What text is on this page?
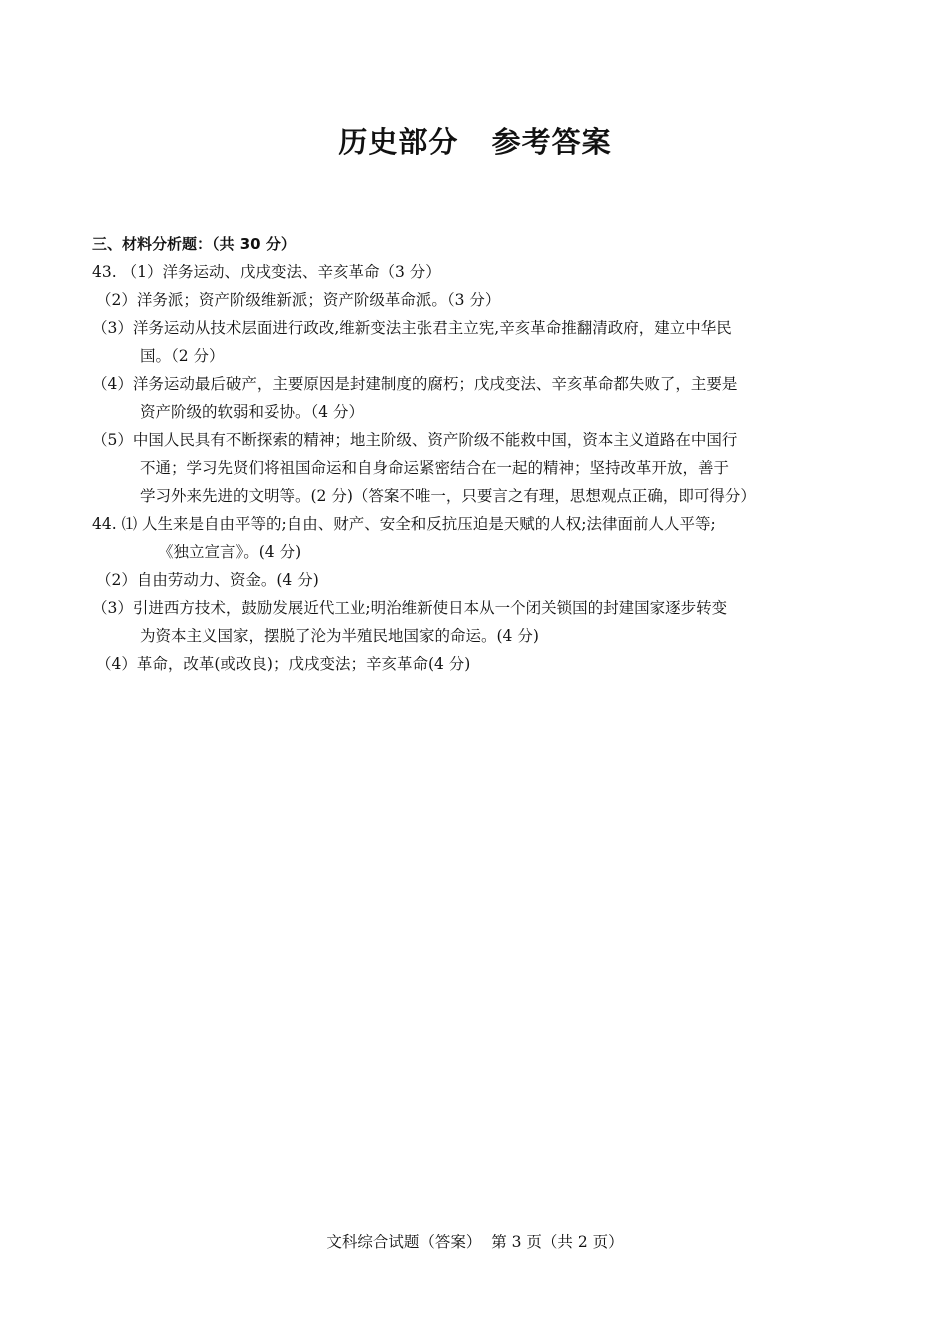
历史部分   参考答案
三、材料分析题：（共 30 分）
43. （1）洋务运动、戊戌变法、辛亥革命（3 分）
（2）洋务派；资产阶级维新派；资产阶级革命派。（3 分）
（3）洋务运动从技术层面进行政改,维新变法主张君主立宪,辛亥革命推翻清政府，建立中华民
国。（2 分）
（4）洋务运动最后破产，主要原因是封建制度的腐朽；戊戌变法、辛亥革命都失败了，主要是
资产阶级的软弱和妥协。（4 分）
（5）中国人民具有不断探索的精神；地主阶级、资产阶级不能救中国，资本主义道路在中国行
不通；学习先贤们将祖国命运和自身命运紧密结合在一起的精神；坚持改革开放，善于
学习外来先进的文明等。(2 分)（答案不唯一，只要言之有理，思想观点正确，即可得分）
44. ⑴ 人生来是自由平等的;自由、财产、安全和反抗压迫是天赋的人权;法律面前人人平等;
《独立宣言》。(4 分)
（2）自由劳动力、资金。(4 分)
（3）引进西方技术，鼓励发展近代工业;明治维新使日本从一个闭关锁国的封建国家逐步转变
为资本主义国家，摆脱了沦为半殖民地国家的命运。(4 分)
（4）革命，改革(或改良)；戊戌变法；辛亥革命(4 分)
文科综合试题（答案）  第 3 页（共 2 页）
